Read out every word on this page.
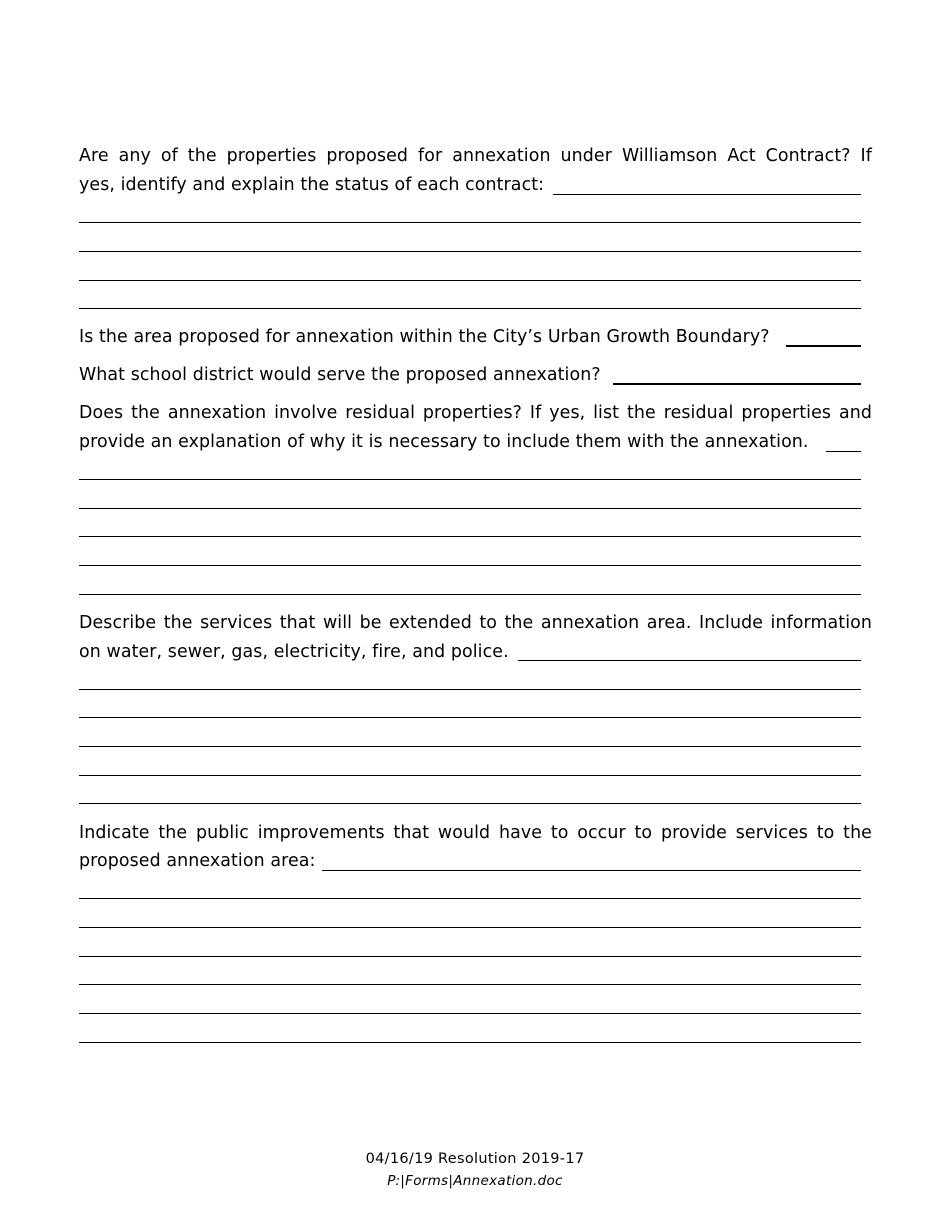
Are any of the properties proposed for annexation under Williamson Act Contract? If
yes, identify and explain the status of each contract:
Is the area proposed for annexation within the City’s Urban Growth Boundary?
What school district would serve the proposed annexation?
Does the annexation involve residual properties? If yes, list the residual properties and
provide an explanation of why it is necessary to include them with the annexation.
Describe the services that will be extended to the annexation area. Include information
on water, sewer, gas, electricity, fire, and police.
Indicate the public improvements that would have to occur to provide services to the
proposed annexation area:
04/16/19 Resolution 2019-17
P:|Forms|Annexation.doc
